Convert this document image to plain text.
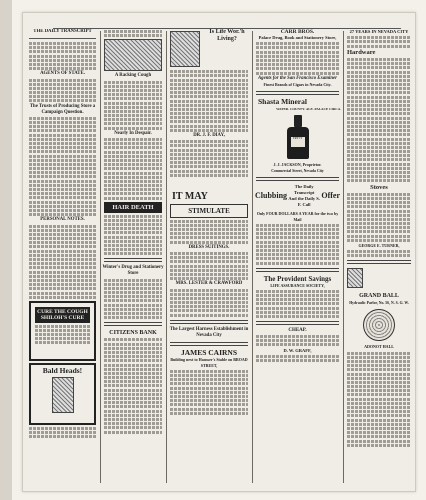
THE DAILY TRANSCRIPT
AGENTS OF STATE.
The Trusts of Producing Store a Campaign Question.
PERSONAL NOTES.
CURE THE COUGH SHILOH'S CURE
Bald Heads!
A Racking Cough
Nearly In Despair.
HAIR DEATH
Winter's Drug and Stationery Store
CITIZENS BANK
Is Life Wor.'h Living?
DR. J. F. DIAY,
IT MAY
STIMULATE
DRESS SUITINGS.
MRS. LESTER & CRAWFORD
The Largest Harness Establishment in Nevada City
JAMES CAIRNS
Building next to Hausser's Stable on BROAD STREET,
CARR BROS.
Palace Drug, Book and Stationery Store,
Agents for the San Francisco Examiner
Finest Brands of Cigars in Nevada City.
Shasta Mineral
WATER. COUNTY. ALE. PALACE CIRCA.
TRY IT
J. J. JACKSON, Proprietor.
Commercial Street, Nevada City
Clubbing
The Daily Transcript
And the Daily S. F. Call
Offer
Only FOUR DOLLARS A YEAR for the two by Mail
The Provident Savings
LIFE ASSURANCE SOCIETY,
CHEAP.
D. W. GRAFF,
27 YEARS IN NEVADA CITY
Hardware
Stoves
GEORGE E. TURNER,
GRAND BALL
Hydraulic Parlor, No. 56, N. S. G. W.
ADONOT HALL
